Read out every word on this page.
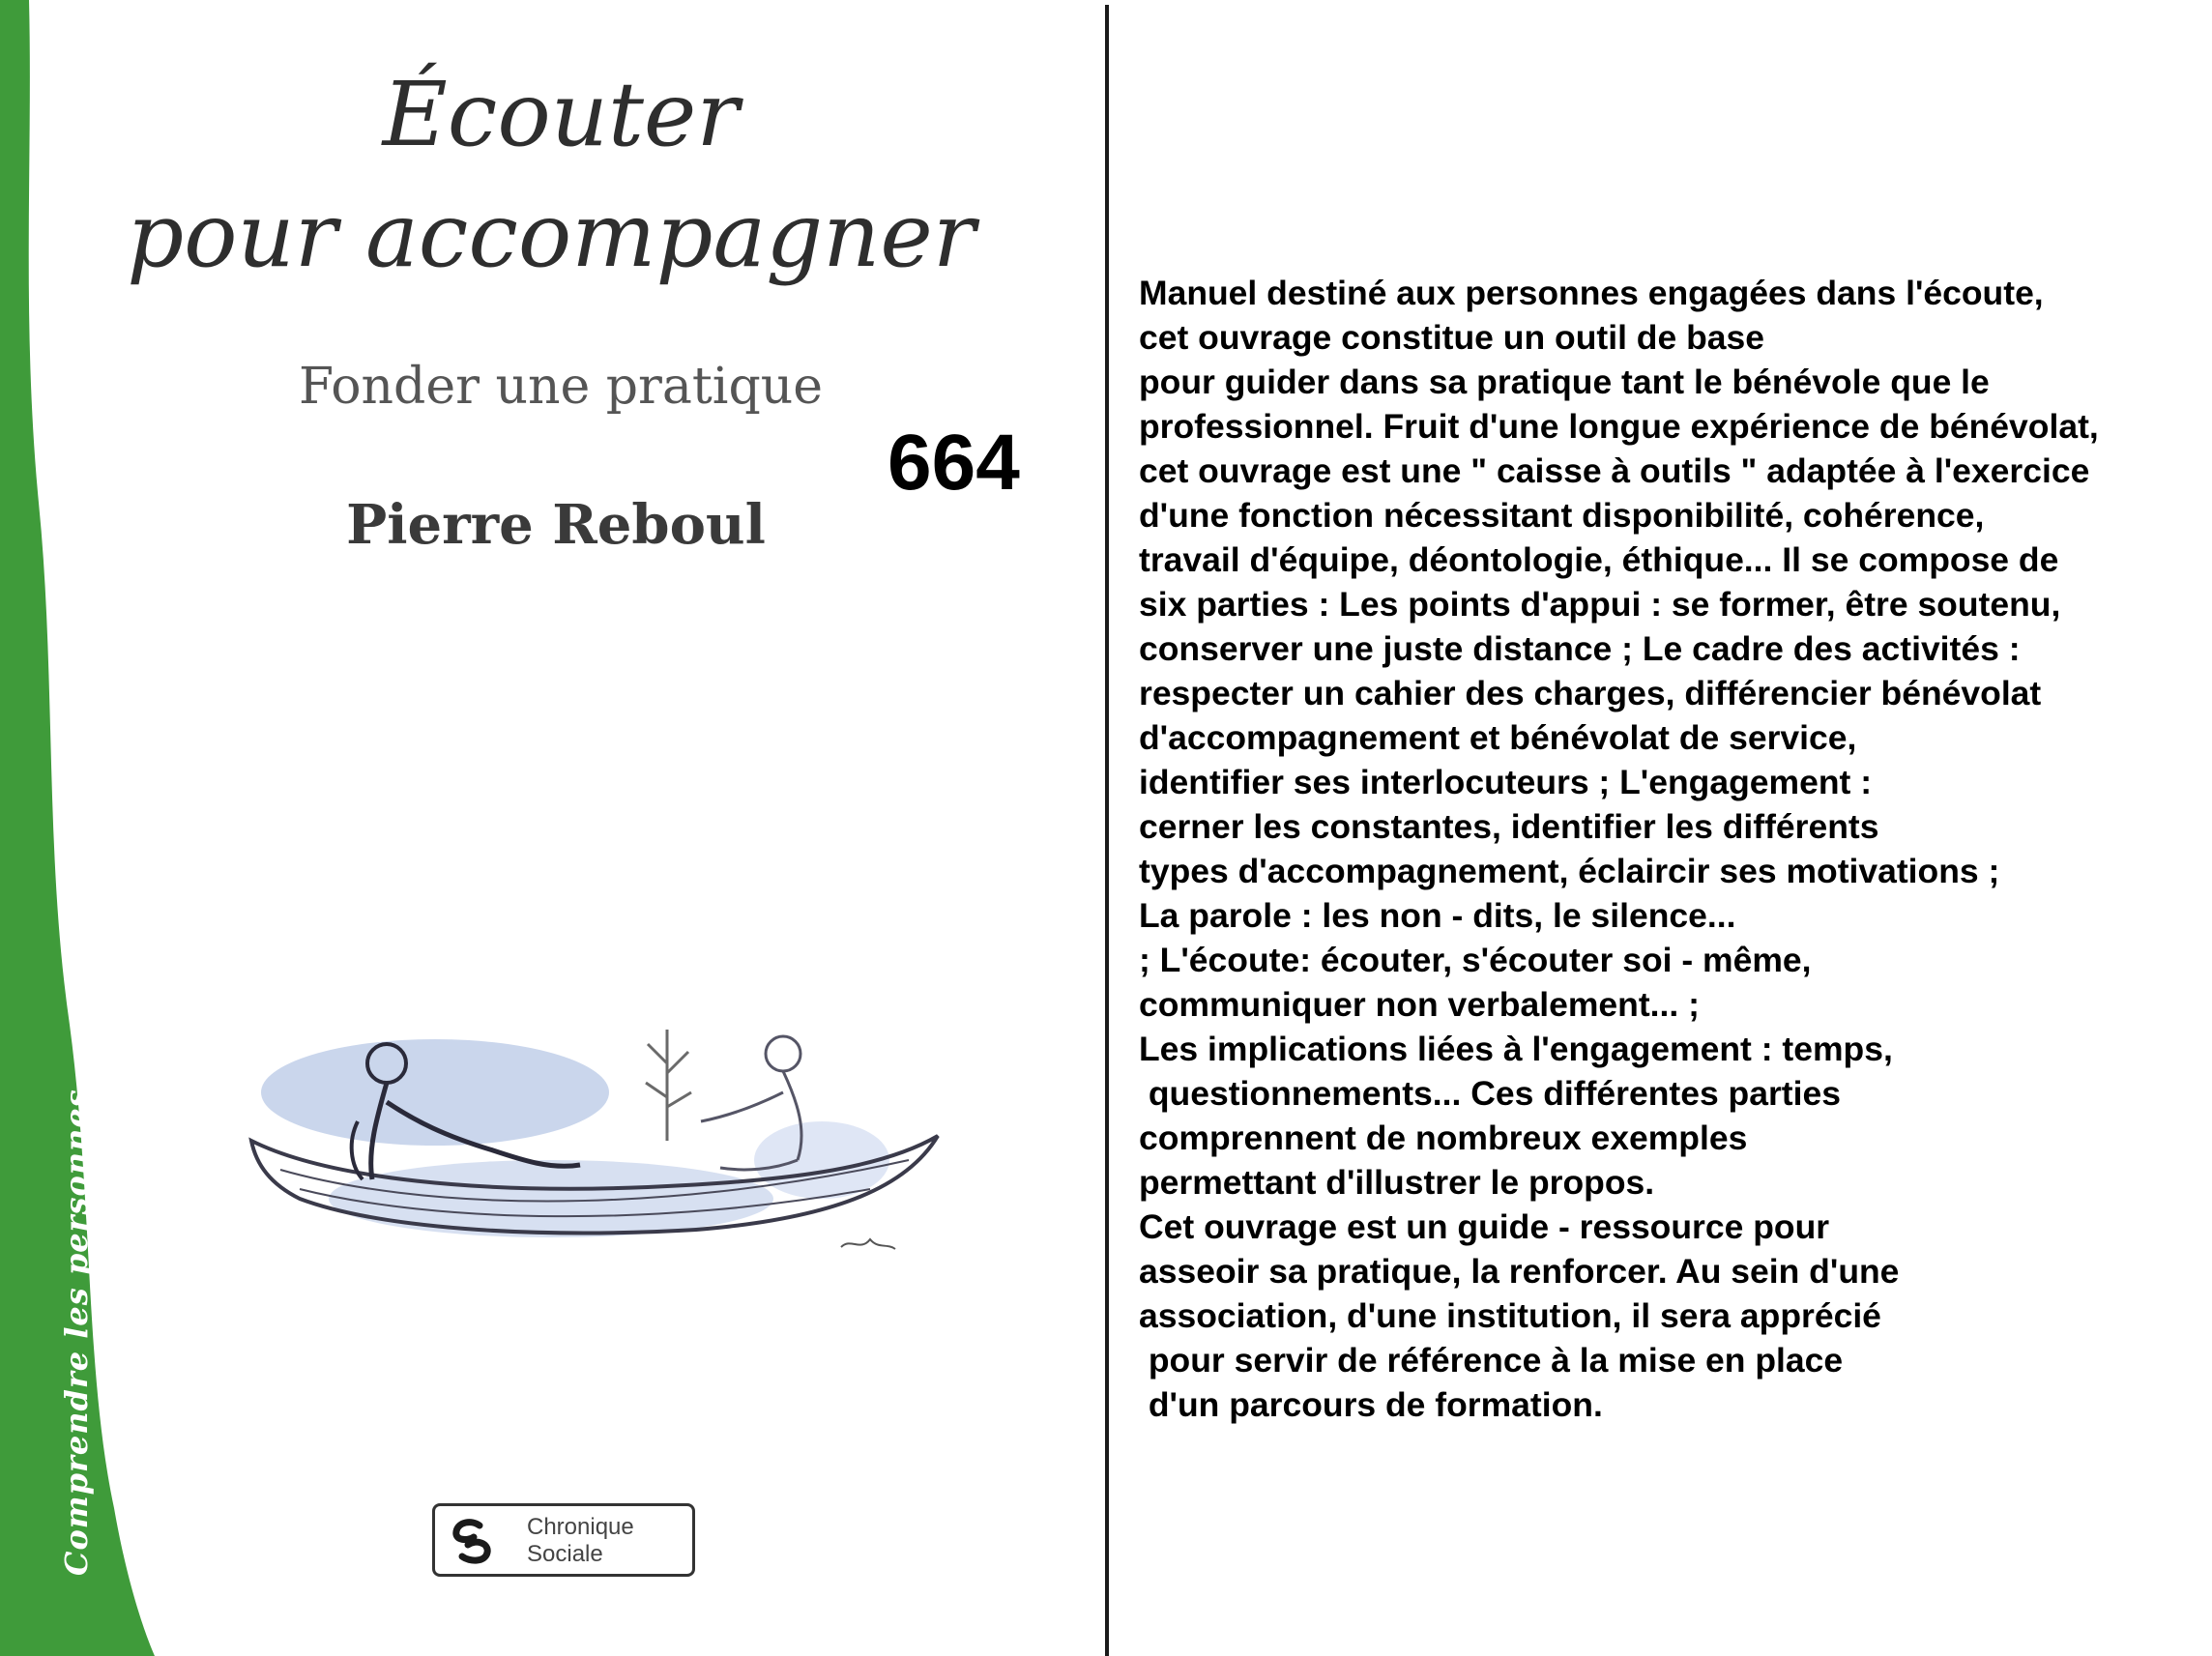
Comprendre les personnes
Écouter
pour accompagner
Fonder une pratique
Pierre Reboul
Chronique
Sociale
664
Manuel destiné aux personnes engagées dans l'écoute,
cet ouvrage constitue un outil de base
pour guider dans sa pratique tant le bénévole que le
professionnel. Fruit d'une longue expérience de bénévolat,
cet ouvrage est une " caisse à outils " adaptée à l'exercice
d'une fonction nécessitant disponibilité, cohérence,
travail d'équipe, déontologie, éthique... Il se compose de
six parties : Les points d'appui : se former, être soutenu,
conserver une juste distance ; Le cadre des activités :
respecter un cahier des charges, différencier bénévolat
d'accompagnement et bénévolat de service,
identifier ses interlocuteurs ; L'engagement :
cerner les constantes, identifier les différents
types d'accompagnement, éclaircir ses motivations ;
La parole : les non - dits, le silence...
; L'écoute: écouter, s'écouter soi - même,
communiquer non verbalement... ;
Les implications liées à l'engagement : temps,
questionnements... Ces différentes parties
comprennent de nombreux exemples
permettant d'illustrer le propos.
Cet ouvrage est un guide - ressource pour
asseoir sa pratique, la renforcer. Au sein d'une
association, d'une institution, il sera apprécié
pour servir de référence à la mise en place
d'un parcours de formation.
